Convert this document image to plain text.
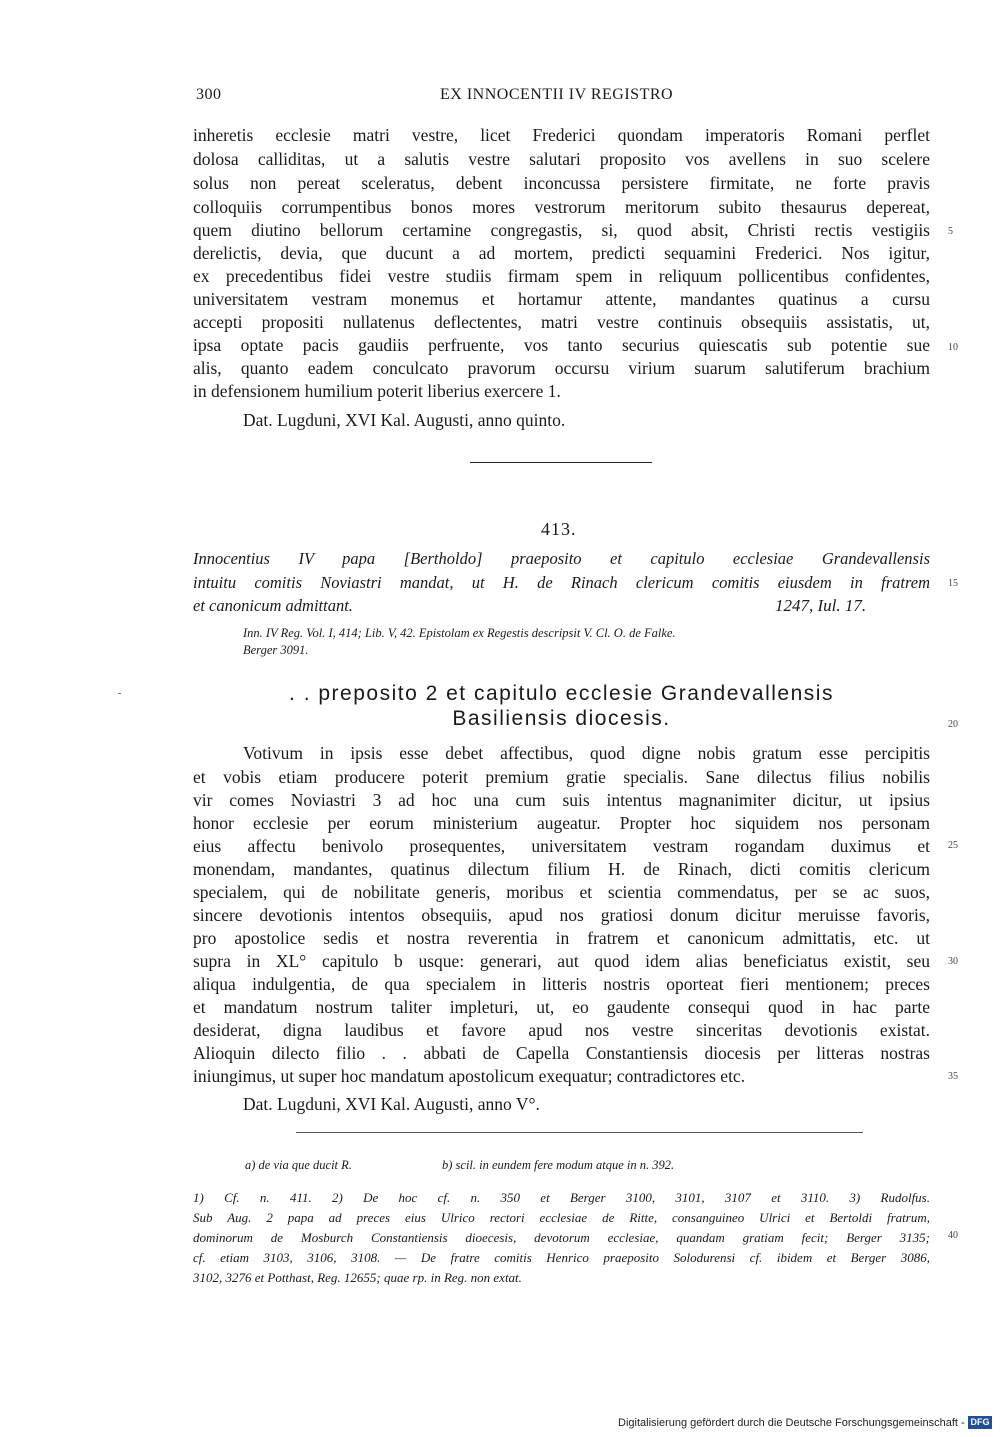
300	EX INNOCENTII IV REGISTRO
inheretis ecclesie matri vestre, licet Frederici quondam imperatoris Romani perflet
dolosa calliditas, ut a salutis vestre salutari proposito vos avellens in suo scelere
solus non pereat sceleratus, debent inconcussa persistere firmitate, ne forte pravis
colloquiis corrumpentibus bonos mores vestrorum meritorum subito thesaurus depereat,
quem diutino bellorum certamine congregastis, si, quod absit, Christi rectis vestigiis
derelictis, devia, que ducunt a ad mortem, predicti sequamini Frederici. Nos igitur,
ex precedentibus fidei vestre studiis firmam spem in reliquum pollicentibus confidentes,
universitatem vestram monemus et hortamur attente, mandantes quatinus a cursu
accepti propositi nullatenus deflectentes, matri vestre continuis obsequiis assistatis, ut,
ipsa optate pacis gaudiis perfruente, vos tanto securius quiescatis sub potentie sue
alis, quanto eadem conculcato pravorum occursu virium suarum salutiferum brachium
in defensionem humilium poterit liberius exercere 1.
5
10
Dat. Lugduni, XVI Kal. Augusti, anno quinto.
413.
Innocentius IV papa [Bertholdo] praeposito et capitulo ecclesiae Grandevallensis
intuitu comitis Noviastri mandat, ut H. de Rinach clericum comitis eiusdem in fratrem
et canonicum admittant.	1247, Iul. 17.
15
Inn. IV Reg. Vol. I, 414; Lib. V, 42. Epistolam ex Regestis descripsit V. Cl. O. de Falke.
Berger 3091.
. . preposito 2 et capitulo ecclesie Grandevallensis
Basiliensis diocesis.	20
Votivum in ipsis esse debet affectibus, quod digne nobis gratum esse percipitis
et vobis etiam producere poterit premium gratie specialis. Sane dilectus filius nobilis
vir comes Noviastri 3 ad hoc una cum suis intentus magnanimiter dicitur, ut ipsius
honor ecclesie per eorum ministerium augeatur. Propter hoc siquidem nos personam
eius affectu benivolo prosequentes, universitatem vestram rogandam duximus et
monendam, mandantes, quatinus dilectum filium H. de Rinach, dicti comitis clericum
specialem, qui de nobilitate generis, moribus et scientia commendatus, per se ac suos,
sincere devotionis intentos obsequiis, apud nos gratiosi donum dicitur meruisse favoris,
pro apostolice sedis et nostra reverentia in fratrem et canonicum admittatis, etc. ut
supra in XL° capitulo b usque: generari, aut quod idem alias beneficiatus existit, seu
aliqua indulgentia, de qua specialem in litteris nostris oporteat fieri mentionem; preces
et mandatum nostrum taliter impleturi, ut, eo gaudente consequi quod in hac parte
desiderat, digna laudibus et favore apud nos vestre sinceritas devotionis existat.
Alioquin dilecto filio . . abbati de Capella Constantiensis diocesis per litteras nostras
iniungimus, ut super hoc mandatum apostolicum exequatur; contradictores etc.
25
30
35
Dat. Lugduni, XVI Kal. Augusti, anno V°.
a) de via que ducit R.	b) scil. in eundem fere modum atque in n. 392.
1) Cf. n. 411. 2) De hoc cf. n. 350 et Berger 3100, 3101, 3107 et 3110. 3) Rudolfus.
Sub Aug. 2 papa ad preces eius Ulrico rectori ecclesiae de Ritte, consanguineo Ulrici et Bertoldi fratrum,
dominorum de Mosburch Constantiensis dioecesis, devotorum ecclesiae, quandam gratiam fecit; Berger 3135;
cf. etiam 3103, 3106, 3108. — De fratre comitis Henrico praeposito Solodurensi cf. ibidem et Berger 3086,
3102, 3276 et Potthast, Reg. 12655; quae rp. in Reg. non extat.
40
Digitalisierung gefördert durch die Deutsche Forschungsgemeinschaft - DFG
